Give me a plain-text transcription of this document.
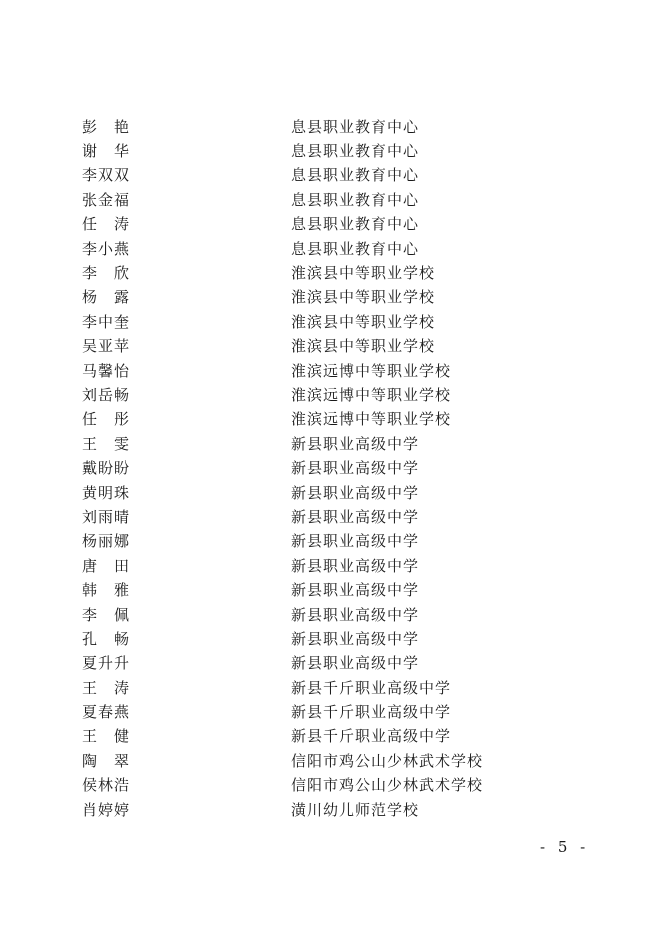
彭　艳	息县职业教育中心
谢　华	息县职业教育中心
李双双	息县职业教育中心
张金福	息县职业教育中心
任　涛	息县职业教育中心
李小燕	息县职业教育中心
李　欣	淮滨县中等职业学校
杨　露	淮滨县中等职业学校
李中奎	淮滨县中等职业学校
吴亚苹	淮滨县中等职业学校
马馨怡	淮滨远博中等职业学校
刘岳畅	淮滨远博中等职业学校
任　彤	淮滨远博中等职业学校
王　雯	新县职业高级中学
戴盼盼	新县职业高级中学
黄明珠	新县职业高级中学
刘雨晴	新县职业高级中学
杨丽娜	新县职业高级中学
唐　田	新县职业高级中学
韩　雅	新县职业高级中学
李　佩	新县职业高级中学
孔　畅	新县职业高级中学
夏升升	新县职业高级中学
王　涛	新县千斤职业高级中学
夏春燕	新县千斤职业高级中学
王　健	新县千斤职业高级中学
陶　翠	信阳市鸡公山少林武术学校
侯林浩	信阳市鸡公山少林武术学校
肖婷婷	潢川幼儿师范学校
- 5 -
